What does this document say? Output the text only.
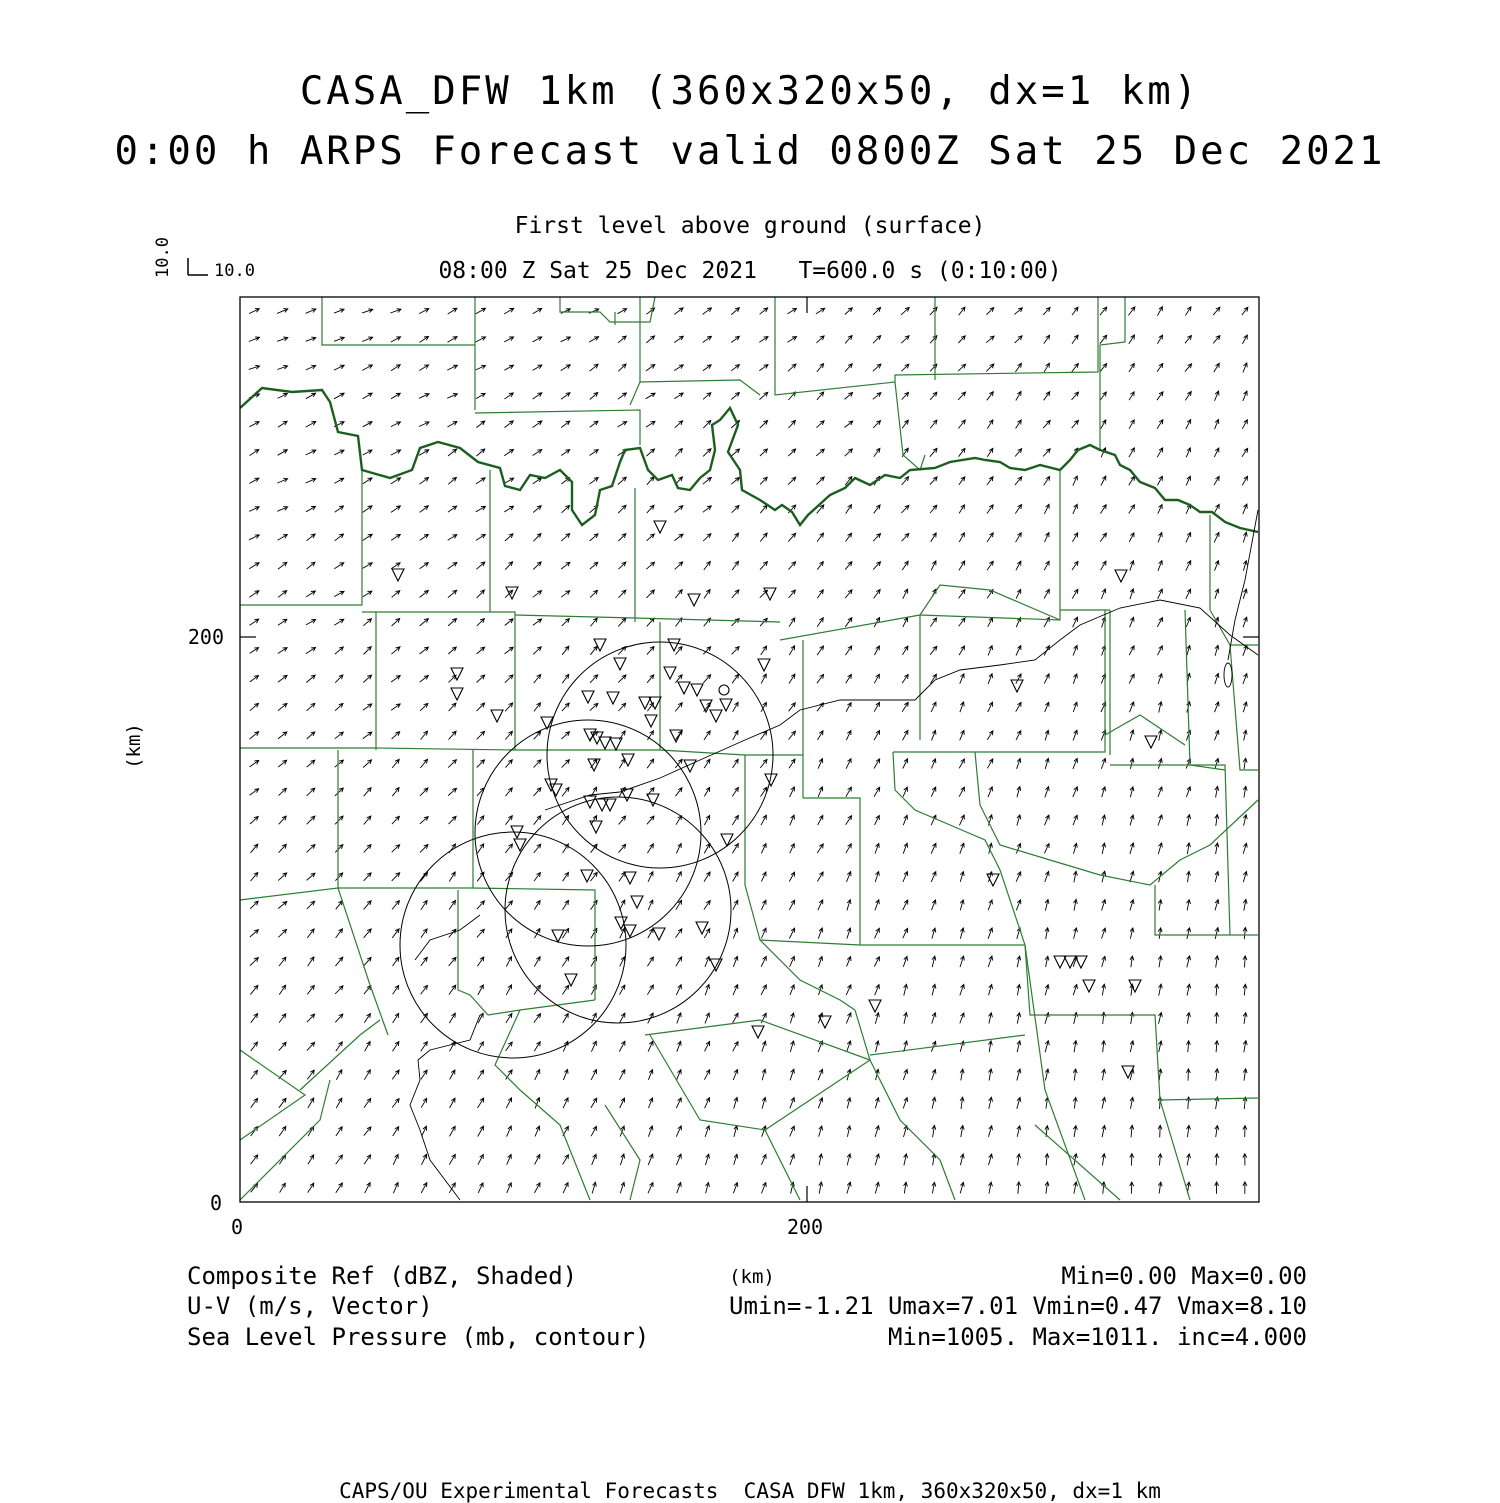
CASA_DFW 1km (360x320x50, dx=1 km)
0:00 h ARPS Forecast valid 0800Z Sat 25 Dec 2021
First level above ground (surface)
08:00 Z Sat 25 Dec 2021   T=600.0 s (0:10:00)
10.0 10.0
0	200
0
200
(km)
(km)
Composite Ref (dBZ, Shaded)
U-V (m/s, Vector)
Sea Level Pressure (mb, contour)
Min=0.00 Max=0.00
Umin=-1.21 Umax=7.01 Vmin=0.47 Vmax=8.10
Min=1005. Max=1011. inc=4.000
CAPS/OU Experimental Forecasts  CASA DFW 1km, 360x320x50, dx=1 km
